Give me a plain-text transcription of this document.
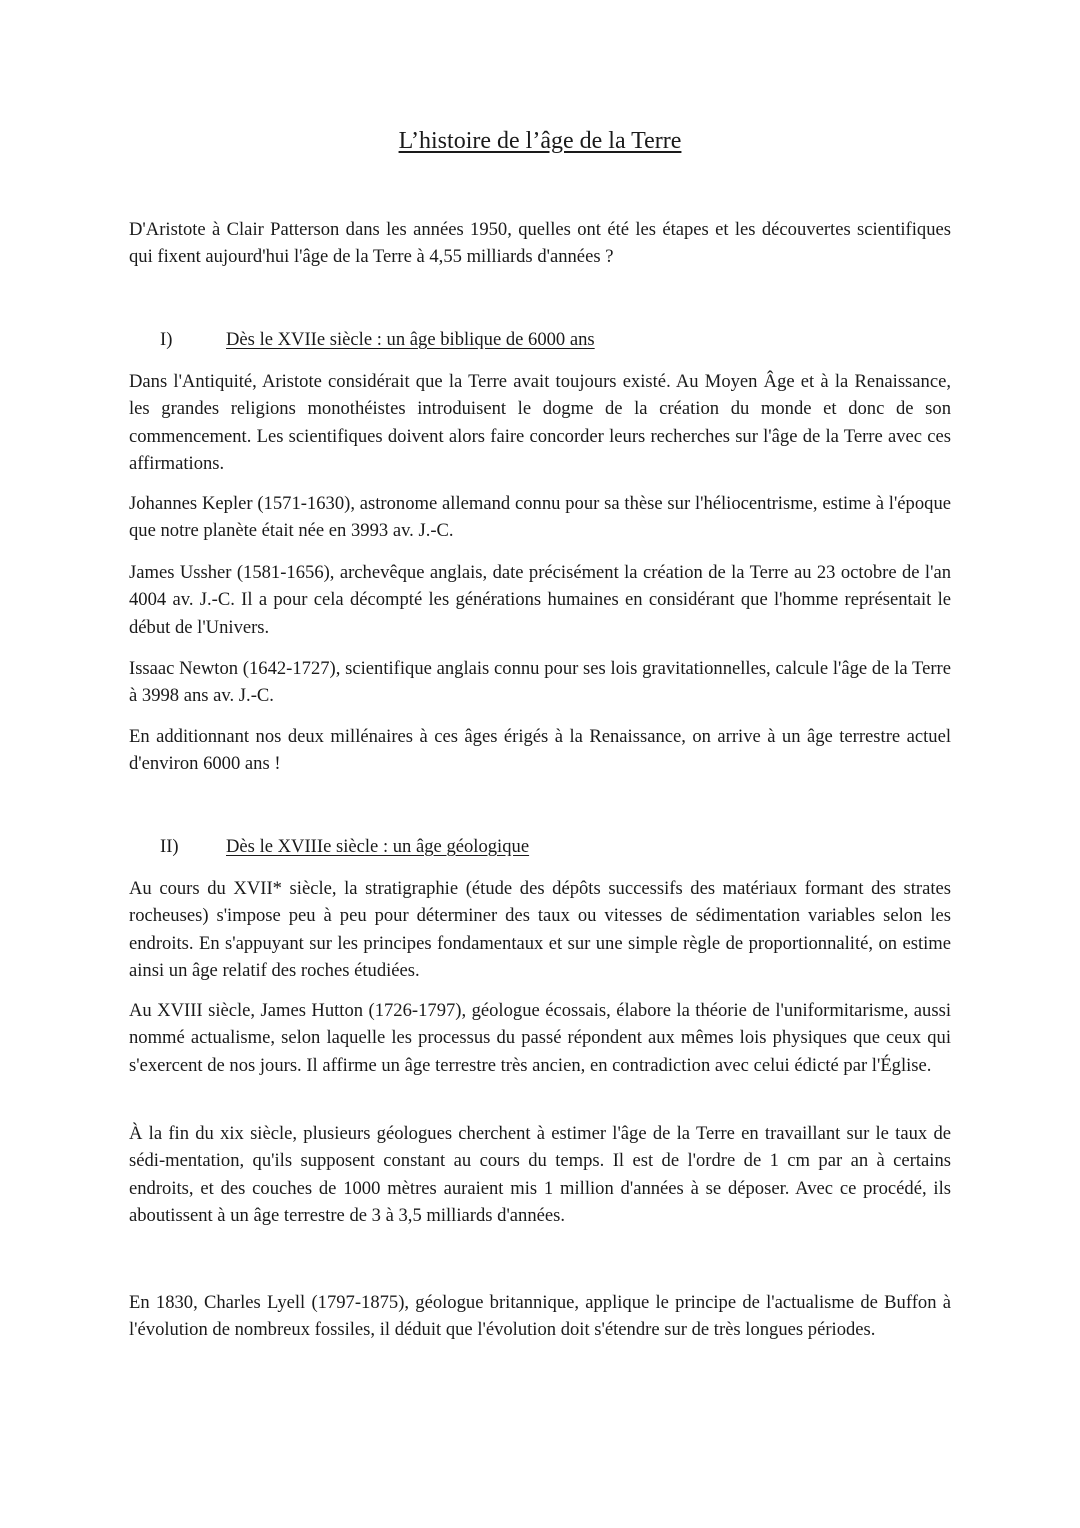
L’histoire de l’âge de la Terre

D'Aristote à Clair Patterson dans les années 1950, quelles ont été les étapes et les découvertes scientifiques qui fixent aujourd'hui l'âge de la Terre à 4,55 milliards d'années ?

I)	Dès le XVIIe siècle : un âge biblique de 6000 ans

Dans l'Antiquité, Aristote considérait que la Terre avait toujours existé. Au Moyen Âge et à la Renaissance, les grandes religions monothéistes introduisent le dogme de la création du monde et donc de son commencement. Les scientifiques doivent alors faire concorder leurs recherches sur l'âge de la Terre avec ces affirmations.

Johannes Kepler (1571-1630), astronome allemand connu pour sa thèse sur l'héliocentrisme, estime à l'époque que notre planète était née en 3993 av. J.-C.

James Ussher (1581-1656), archevêque anglais, date précisément la création de la Terre au 23 octobre de l'an 4004 av. J.-C. Il a pour cela décompté les générations humaines en considérant que l'homme représentait le début de l'Univers.

Issaac Newton (1642-1727), scientifique anglais connu pour ses lois gravitationnelles, calcule l'âge de la Terre à 3998 ans av. J.-C.

En additionnant nos deux millénaires à ces âges érigés à la Renaissance, on arrive à un âge terrestre actuel d'environ 6000 ans !

II)	Dès le XVIIIe siècle : un âge géologique

Au cours du XVII* siècle, la stratigraphie (étude des dépôts successifs des matériaux formant des strates rocheuses) s'impose peu à peu pour déterminer des taux ou vitesses de sédimentation variables selon les endroits. En s'appuyant sur les principes fondamentaux et sur une simple règle de proportionnalité, on estime ainsi un âge relatif des roches étudiées.

Au XVIII siècle, James Hutton (1726-1797), géologue écossais, élabore la théorie de l'uniformitarisme, aussi nommé actualisme, selon laquelle les processus du passé répondent aux mêmes lois physiques que ceux qui s'exercent de nos jours. Il affirme un âge terrestre très ancien, en contradiction avec celui édicté par l'Église.

À la fin du xix siècle, plusieurs géologues cherchent à estimer l'âge de la Terre en travaillant sur le taux de sédi-mentation, qu'ils supposent constant au cours du temps. Il est de l'ordre de 1 cm par an à certains endroits, et des couches de 1000 mètres auraient mis 1 million d'années à se déposer. Avec ce procédé, ils aboutissent à un âge terrestre de 3 à 3,5 milliards d'années.

En 1830, Charles Lyell (1797-1875), géologue britannique, applique le principe de l'actualisme de Buffon à l'évolution de nombreux fossiles, il déduit que l'évolution doit s'étendre sur de très longues périodes.
